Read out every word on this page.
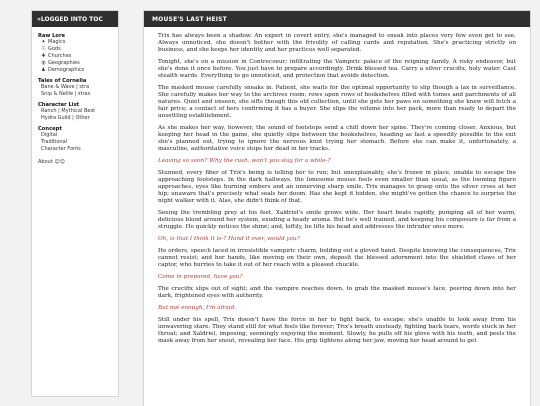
»LOGGED INTO TOC
Raw Lore
✦ Magics
☉ Gods
✚ Churches
◍ Geographies
♟ Demographics
Tales of Cornelia
Bane & Wave | stra
Snip & Nellie | stras
Character List
Ranch | Mythical Best
Hydra Guild | Other
Concept
Digital
Traditional
Character Fonts
About ☺☺
MOUSE'S LAST HEIST

Trix has always been a shadow. An expert in covert entry, she's managed to sneak into places very few even get to see. Always unnoticed, she doesn't bother with the frivolity of calling cards and reputation. She's practicing strictly on business, and she keeps her identity and her practices well separated.

Tonight, she's on a mission in Contrecoeur; infiltrating the Vampiric palace of the reigning family. A risky endeavor, but she's done it once before. You just have to prepare accordingly. Drink blessed tea. Carry a silver crucifix, holy water. Cast stealth wards. Everything to go unnoticed, and protection that avoids detection.

The masked mouse carefully sneaks in. Patient, she waits for the optimal opportunity to slip though a lax in surveillance. She carefully makes her way to the archives room; rows upon rows of bookshelves filled with tomes and parchments of all natures. Quiet and unseen, she sifts though this old collection, until she gets her paws on something she knew will fetch a fair price; a contact of hers confirming it has a buyer. She slips the volume into her pack, more than ready to depart the unsettling establishment.

As she makes her way, however, the sound of footsteps send a chill down her spine. They're coming closer. Anxious, but keeping her head in the game, she quietly slips between the bookshelves, heading as fast a speedily possible to the exit she's planned out, trying to ignore the nervous knot trying her stomach. Before she can make it, unfortunately, a masculine, authoritative voice stops her dead in her tracks.

Leaving so soon? Why the rush, won't you stay for a while-?

Stunned, every fiber of Trix's being is telling her to run; but unexplainably, she's frozen in place, unable to escape the approaching footsteps. In the dark hallways, the lonesome mouse feels even smaller than usual, as the looming figure approaches, eyes like burning embers and an unnerving sharp smile. Trix manages to grasp onto the silver cross at her hip; unaware that's precisely what seals her doom. Has she kept it hidden, she might've gotten the chance to surprise the night walker with it. Alas, she didn't think of that.

Seeing the trembling prey at his feet, Xaldriel's smile grows wide. Her heart beats rapidly, pumping all of her warm, delicious blood around her system, exuding a heady aroma. But he's well trained, and keeping his composure is far from a struggle. He quickly notices the shine; and, loftily, he lifts his head and addresses the intruder once more.

Oh, is that I think it is-? Hand it over, would you?

He orders, speech laced in irresistible vampiric charm, holding out a gloved hand. Despite knowing the consequences, Trix cannot resist; and her hands, like moving on their own, deposit the blessed adornment into the shielded claws of her captor, who hurries to take it out of her reach with a pleased chuckle.

Come in prepared, have you?

The crucifix slips out of sight; and the vampire reaches down, to grab the masked mouse's face, peering down into her dark, frightened eyes with authority.

But not enough, I'm afraid.

Still under his spell, Trix doesn't have the force in her to fight back, to escape; she's unable to look away from his unwavering stare. They stand still for what feels like forever; Trix's breath unsteady, fighting back tears, words stuck in her throat; and Xaldriel, imposing, seemingly enjoying the moment. Slowly, he pulls off his glove with his teeth, and peels the mask away from her snout, revealing her face. His grip tightens along her jaw, moving her head around to get
